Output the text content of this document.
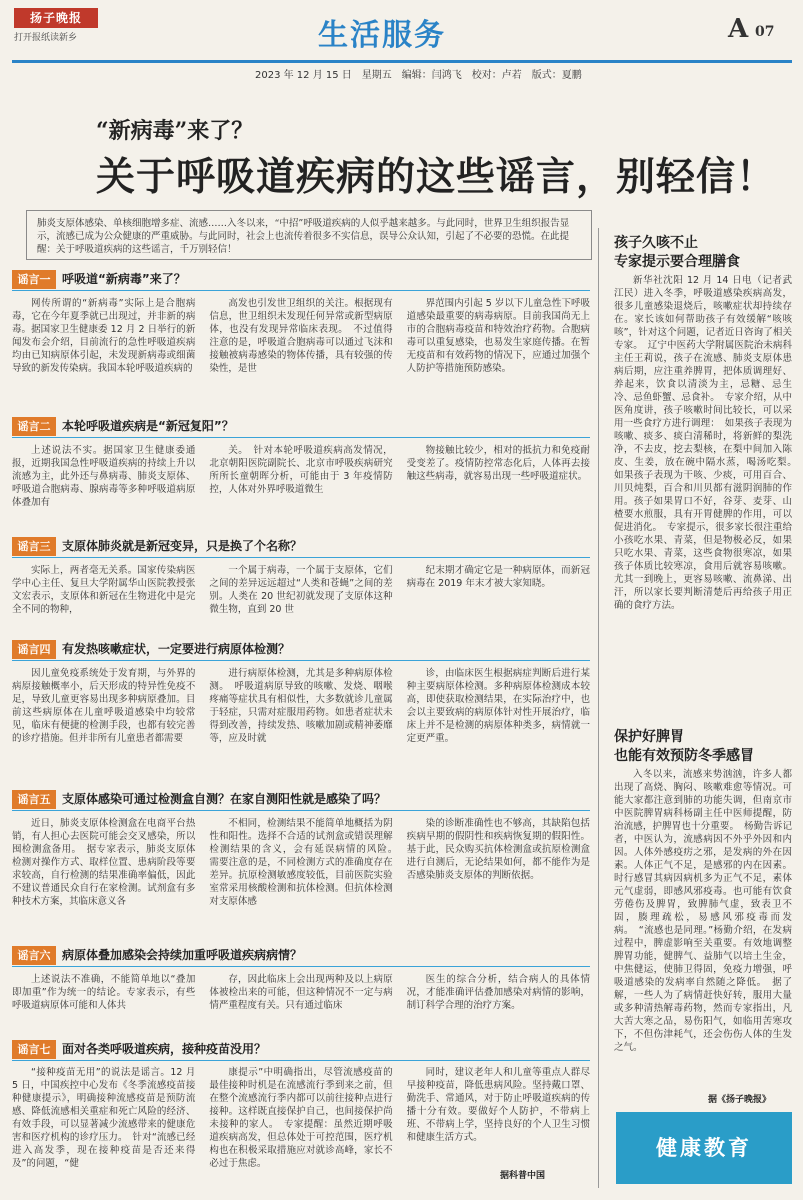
扬子晚报
打开报纸读新乡	生活服务	A 07
2023 年 12 月 15 日　星期五　编辑：闫鸿飞　校对：卢若　版式：夏鹏
“新病毒”来了？
关于呼吸道疾病的这些谣言，别轻信！
肺炎支原体感染、单核细胞增多症、流感……入冬以来，“中招”呼吸道疾病的人似乎越来越多。与此同时，世界卫生组织报告显示，流感已成为公众健康的严重威胁。与此同时，社会上也流传着很多不实信息，误导公众认知，引起了不必要的恐慌。在此提醒：关于呼吸道疾病的这些谣言，千万别轻信！
谣言一 呼吸道“新病毒”来了？
网传所谓的“新病毒”实际上是合胞病毒，它在今年夏季就已出现过，并非新的病毒。据国家卫生健康委 12 月 2 日举行的新闻发布会介绍，目前流行的急性呼吸道疾病均由已知病原体引起，未发现新病毒或细菌导致的新发传染病。我国本轮呼吸道疾病的
高发也引发世卫组织的关注。根据现有信息，世卫组织未发现任何异常或新型病原体，也没有发现异常临床表现。　不过值得注意的是，呼吸道合胞病毒可以通过飞沫和接触被病毒感染的物体传播，具有较强的传染性，是世
界范围内引起 5 岁以下儿童急性下呼吸道感染最重要的病毒病原。目前我国尚无上市的合胞病毒疫苗和特效治疗药物。合胞病毒可以重复感染，也易发生家庭传播。在暂无疫苗和有效药物的情况下，应通过加强个人防护等措施预防感染。
谣言二 本轮呼吸道疾病是“新冠复阳”？
上述说法不实。据国家卫生健康委通报，近期我国急性呼吸道疾病的持续上升以流感为主，此外还与鼻病毒、肺炎支原体、呼吸道合胞病毒、腺病毒等多种呼吸道病原体叠加有
关。　针对本轮呼吸道疾病高发情况，北京朝阳医院副院长、北京市呼吸疾病研究所所长童朝晖分析，可能由于 3 年疫情防控，人体对外界呼吸道微生
物接触比较少，相对的抵抗力和免疫耐受变差了。疫情防控常态化后，人体再去接触这些病毒，就容易出现一些呼吸道症状。
谣言三 支原体肺炎就是新冠变异，只是换了个名称？
实际上，两者毫无关系。国家传染病医学中心主任、复旦大学附属华山医院教授张文宏表示，支原体和新冠在生物进化中是完全不同的物种，
一个属于病毒，一个属于支原体，它们之间的差异远远超过“人类和苍蝇”之间的差别。人类在 20 世纪初就发现了支原体这种微生物，直到 20 世
纪末期才确定它是一种病原体，而新冠病毒在 2019 年末才被大家知晓。
谣言四 有发热咳嗽症状，一定要进行病原体检测？
因儿童免疫系统处于发育期，与外界的病原接触概率小，后天形成的特异性免疫不足，导致儿童更容易出现多种病原叠加。目前这些病原体在儿童呼吸道感染中均较常见，临床有便捷的检测手段，也都有较完善的诊疗措施。但并非所有儿童患者都需要
进行病原体检测，尤其是多种病原体检测。　呼吸道病原导致的咳嗽、发烧、咽喉疼痛等症状具有相似性，大多数就诊儿童属于轻症，只需对症服用药物。如患者症状未得到改善，持续发热、咳嗽加剧或精神萎靡等，应及时就
诊，由临床医生根据病症判断后进行某种主要病原体检测。多种病原体检测成本较高，即使获取检测结果，在实际治疗中，也会以主要致病的病原体针对性开展治疗，临床上并不是检测的病原体种类多，病情就一定更严重。
谣言五 支原体感染可通过检测盒自测？在家自测阳性就是感染了吗？
近日，肺炎支原体检测盒在电商平台热销，有人担心去医院可能会交叉感染，所以囤检测盒备用。　据专家表示，肺炎支原体检测对操作方式、取样位置、患病阶段等要求较高，自行检测的结果准确率偏低，因此不建议普通民众自行在家检测。试剂盒有多种技术方案，其临床意义各
不相同，检测结果不能简单地概括为阴性和阳性。选择不合适的试剂盒或错误理解检测结果的含义，会有延误病情的风险。　需要注意的是，不同检测方式的准确度存在差异。抗原检测敏感度较低，目前医院实验室常采用核酸检测和抗体检测。但抗体检测对支原体感
染的诊断准确性也不够高，其缺陷包括疾病早期的假阴性和疾病恢复期的假阳性。基于此，民众购买抗体检测盒或抗原检测盒进行自测后，无论结果如何，都不能作为是否感染肺炎支原体的判断依据。
谣言六 病原体叠加感染会持续加重呼吸道疾病病情？
上述说法不准确，不能简单地以“叠加即加重”作为统一的结论。专家表示，有些呼吸道病原体可能和人体共
存，因此临床上会出现两种及以上病原体被检出来的可能，但这种情况不一定与病情严重程度有关。只有通过临床
医生的综合分析，结合病人的具体情况，才能准确评估叠加感染对病情的影响，制订科学合理的治疗方案。
谣言七 面对各类呼吸道疾病，接种疫苗没用？
“接种疫苗无用”的说法是谣言。12 月 5 日，中国疾控中心发布《冬季流感疫苗接种健康提示》，明确接种流感疫苗是预防流感、降低流感相关重症和死亡风险的经济、有效手段，可以显著减少流感带来的健康危害和医疗机构的诊疗压力。　针对“流感已经进入高发季，现在接种疫苗是否还来得及”的问题，“健
康提示”中明确指出，尽管流感疫苗的最佳接种时机是在流感流行季到来之前，但在整个流感流行季内都可以前往接种点进行接种。这样既直接保护自己，也间接保护尚未接种的家人。　专家提醒：虽然近期呼吸道疾病高发，但总体处于可控范围，医疗机构也在积极采取措施应对就诊高峰，家长不必过于焦虑。
同时，建议老年人和儿童等重点人群尽早接种疫苗，降低患病风险。坚持戴口罩、勤洗手、常通风，对于防止呼吸道疾病的传播十分有效。要做好个人防护，不带病上班、不带病上学，坚持良好的个人卫生习惯和健康生活方式。
据科普中国
孩子久咳不止
专家提示要合理膳食
新华社沈阳 12 月 14 日电（记者武江民）进入冬季，呼吸道感染疾病高发，很多儿童感染退烧后，咳嗽症状却持续存在。家长该如何帮助孩子有效缓解“咳咳咳”，针对这个问题，记者近日咨询了相关专家。　辽宁中医药大学附属医院治未病科主任王莉说，孩子在流感、肺炎支原体患病后期，应注重养脾胃，把体质调理好、养起来，饮食以清淡为主，忌糖、忌生冷、忌鱼虾蟹、忌食补。　专家介绍，从中医角度讲，孩子咳嗽时间比较长，可以采用一些食疗方进行调理：　如果孩子表现为咳嗽、痰多、痰白清稀时，将新鲜的梨洗净，不去皮，挖去梨核，在梨中间加入陈皮、生姜，放在碗中隔水蒸，喝汤吃梨。　如果孩子表现为干咳、少痰，可用百合、川贝炖梨，百合和川贝都有滋阴润肺的作用。孩子如果胃口不好，谷芽、麦芽、山楂要水煎服，具有开胃健脾的作用，可以促进消化。　专家提示，很多家长很注重给小孩吃水果、青菜，但是物极必反，如果只吃水果、青菜，这些食物很寒凉，如果孩子体质比较寒凉，食用后就容易咳嗽。尤其一到晚上，更容易咳嗽、流鼻涕、出汗，所以家长要判断清楚后再给孩子用正确的食疗方法。
保护好脾胃
也能有效预防冬季感冒
入冬以来，流感来势汹汹，许多人都出现了高烧、胸闷、咳嗽难愈等情况。可能大家都注意到肺的功能失调，但南京市中医院脾胃病科杨副主任中医师提醒，防治流感，护脾胃也十分重要。　杨勤告诉记者，中医认为，流感病因不外乎外因和内因。人体外感疫疠之邪，是发病的外在因素。人体正气不足，是感邪的内在因素。时行感冒其病因病机多为正气不足，素体元气虚弱，即感风邪疫毒。也可能有饮食劳倦伤及脾胃，致脾肺气虚，致表卫不固，腠理疏松，易感风邪疫毒而发病。　“流感也是同理。”杨勤介绍，在发病过程中，脾虚影响至关重要。有效地调整脾胃功能，健脾气、益肺气以培土生金，中焦健运，使肺卫得固，免疫力增强，呼吸道感染的发病率自然随之降低。　据了解，一些人为了病情赶快好转，服用大量或多种清热解毒药物，然而专家指出，凡大苦大寒之品，易伤阳气，如临用苦寒攻下，不但伤津耗气，还会伤伤人体的生发之气。
据《扬子晚报》
健康教育
